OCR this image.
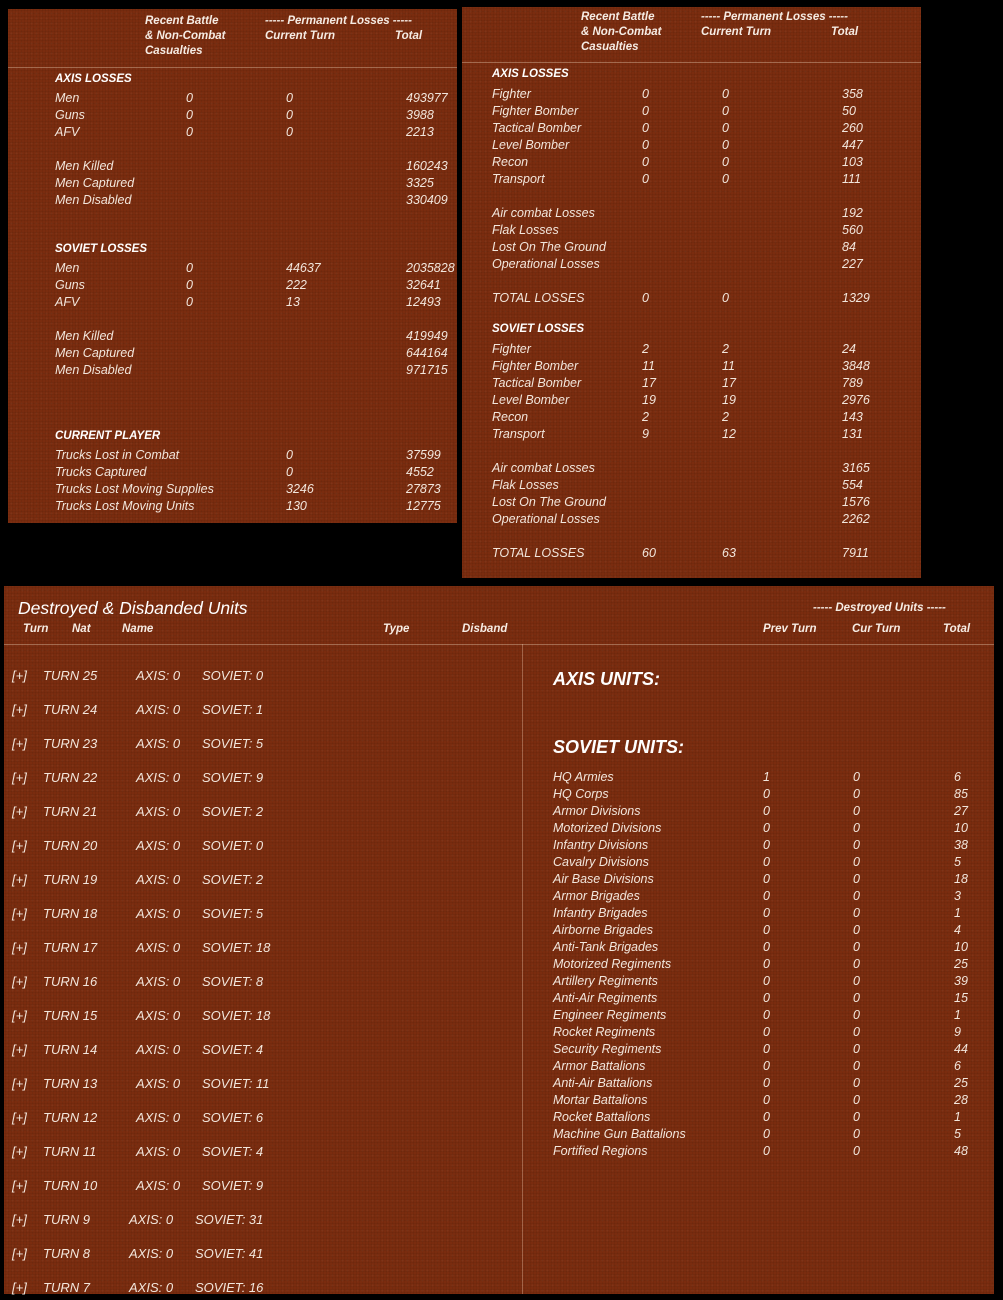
Recent Battle
& Non-Combat
Casualties
----- Permanent Losses -----
Current Turn	Total
AXIS LOSSES
Men	0	0	493977
Guns	0	0	3988
AFV	0	0	2213
Men Killed	160243
Men Captured	3325
Men Disabled	330409
SOVIET LOSSES
Men	0	44637	2035828
Guns	0	222	32641
AFV	0	13	12493
Men Killed	419949
Men Captured	644164
Men Disabled	971715
CURRENT PLAYER
Trucks Lost in Combat	0	37599
Trucks Captured	0	4552
Trucks Lost Moving Supplies	3246	27873
Trucks Lost Moving Units	130	12775
Recent Battle
& Non-Combat
Casualties
----- Permanent Losses -----
Current Turn	Total
AXIS LOSSES
Fighter	0	0	358
Fighter Bomber	0	0	50
Tactical Bomber	0	0	260
Level Bomber	0	0	447
Recon	0	0	103
Transport	0	0	111
Air combat Losses	192
Flak Losses	560
Lost On The Ground	84
Operational Losses	227
TOTAL LOSSES	0	0	1329
SOVIET LOSSES
Fighter	2	2	24
Fighter Bomber	11	11	3848
Tactical Bomber	17	17	789
Level Bomber	19	19	2976
Recon	2	2	143
Transport	9	12	131
Air combat Losses	3165
Flak Losses	554
Lost On The Ground	1576
Operational Losses	2262
TOTAL LOSSES	60	63	7911
Destroyed & Disbanded Units	----- Destroyed Units -----
Turn Nat	Name	Type	Disband	Prev Turn	Cur Turn	Total
[+] TURN 25	AXIS: 0 SOVIET: 0
[+] TURN 24	AXIS: 0 SOVIET: 1
[+] TURN 23	AXIS: 0 SOVIET: 5
[+] TURN 22	AXIS: 0 SOVIET: 9
[+] TURN 21	AXIS: 0 SOVIET: 2
[+] TURN 20	AXIS: 0 SOVIET: 0
[+] TURN 19	AXIS: 0 SOVIET: 2
[+] TURN 18	AXIS: 0 SOVIET: 5
[+] TURN 17	AXIS: 0 SOVIET: 18
[+] TURN 16	AXIS: 0 SOVIET: 8
[+] TURN 15	AXIS: 0 SOVIET: 18
[+] TURN 14	AXIS: 0 SOVIET: 4
[+] TURN 13	AXIS: 0 SOVIET: 11
[+] TURN 12	AXIS: 0 SOVIET: 6
[+] TURN 11	AXIS: 0 SOVIET: 4
[+] TURN 10	AXIS: 0 SOVIET: 9
[+] TURN 9	AXIS: 0 SOVIET: 31
[+] TURN 8	AXIS: 0 SOVIET: 41
[+] TURN 7	AXIS: 0 SOVIET: 16
AXIS UNITS:
SOVIET UNITS:
HQ Armies	1	0	6
HQ Corps	0	0	85
Armor Divisions	0	0	27
Motorized Divisions	0	0	10
Infantry Divisions	0	0	38
Cavalry Divisions	0	0	5
Air Base Divisions	0	0	18
Armor Brigades	0	0	3
Infantry Brigades	0	0	1
Airborne Brigades	0	0	4
Anti-Tank Brigades	0	0	10
Motorized Regiments	0	0	25
Artillery Regiments	0	0	39
Anti-Air Regiments	0	0	15
Engineer Regiments	0	0	1
Rocket Regiments	0	0	9
Security Regiments	0	0	44
Armor Battalions	0	0	6
Anti-Air Battalions	0	0	25
Mortar Battalions	0	0	28
Rocket Battalions	0	0	1
Machine Gun Battalions	0	0	5
Fortified Regions	0	0	48
